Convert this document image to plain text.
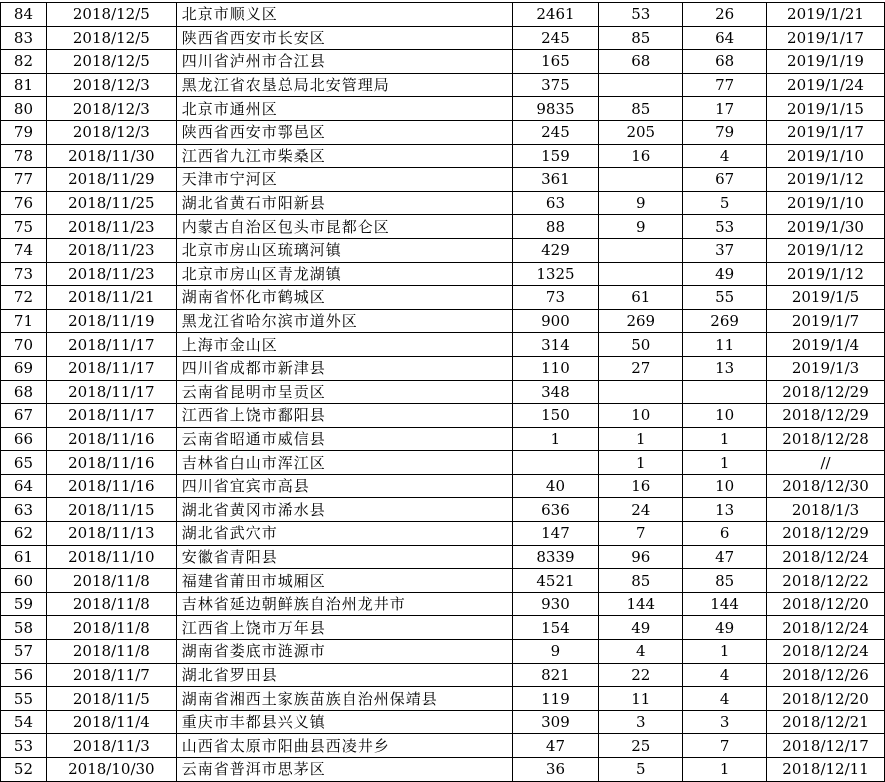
84	2018/12/5	北京市顺义区	2461	53	26	2019/1/21
83	2018/12/5	陕西省西安市长安区	245	85	64	2019/1/17
82	2018/12/5	四川省泸州市合江县	165	68	68	2019/1/19
81	2018/12/3	黑龙江省农垦总局北安管理局	375		77	2019/1/24
80	2018/12/3	北京市通州区	9835	85	17	2019/1/15
79	2018/12/3	陕西省西安市鄠邑区	245	205	79	2019/1/17
78	2018/11/30	江西省九江市柴桑区	159	16	4	2019/1/10
77	2018/11/29	天津市宁河区	361		67	2019/1/12
76	2018/11/25	湖北省黄石市阳新县	63	9	5	2019/1/10
75	2018/11/23	内蒙古自治区包头市昆都仑区	88	9	53	2019/1/30
74	2018/11/23	北京市房山区琉璃河镇	429		37	2019/1/12
73	2018/11/23	北京市房山区青龙湖镇	1325		49	2019/1/12
72	2018/11/21	湖南省怀化市鹤城区	73	61	55	2019/1/5
71	2018/11/19	黑龙江省哈尔滨市道外区	900	269	269	2019/1/7
70	2018/11/17	上海市金山区	314	50	11	2019/1/4
69	2018/11/17	四川省成都市新津县	110	27	13	2019/1/3
68	2018/11/17	云南省昆明市呈贡区	348			2018/12/29
67	2018/11/17	江西省上饶市鄱阳县	150	10	10	2018/12/29
66	2018/11/16	云南省昭通市威信县	1	1	1	2018/12/28
65	2018/11/16	吉林省白山市浑江区		1	1	//
64	2018/11/16	四川省宜宾市高县	40	16	10	2018/12/30
63	2018/11/15	湖北省黄冈市浠水县	636	24	13	2018/1/3
62	2018/11/13	湖北省武穴市	147	7	6	2018/12/29
61	2018/11/10	安徽省青阳县	8339	96	47	2018/12/24
60	2018/11/8	福建省莆田市城厢区	4521	85	85	2018/12/22
59	2018/11/8	吉林省延边朝鲜族自治州龙井市	930	144	144	2018/12/20
58	2018/11/8	江西省上饶市万年县	154	49	49	2018/12/24
57	2018/11/8	湖南省娄底市涟源市	9	4	1	2018/12/24
56	2018/11/7	湖北省罗田县	821	22	4	2018/12/26
55	2018/11/5	湖南省湘西土家族苗族自治州保靖县	119	11	4	2018/12/20
54	2018/11/4	重庆市丰都县兴义镇	309	3	3	2018/12/21
53	2018/11/3	山西省太原市阳曲县西凌井乡	47	25	7	2018/12/17
52	2018/10/30	云南省普洱市思茅区	36	5	1	2018/12/11
